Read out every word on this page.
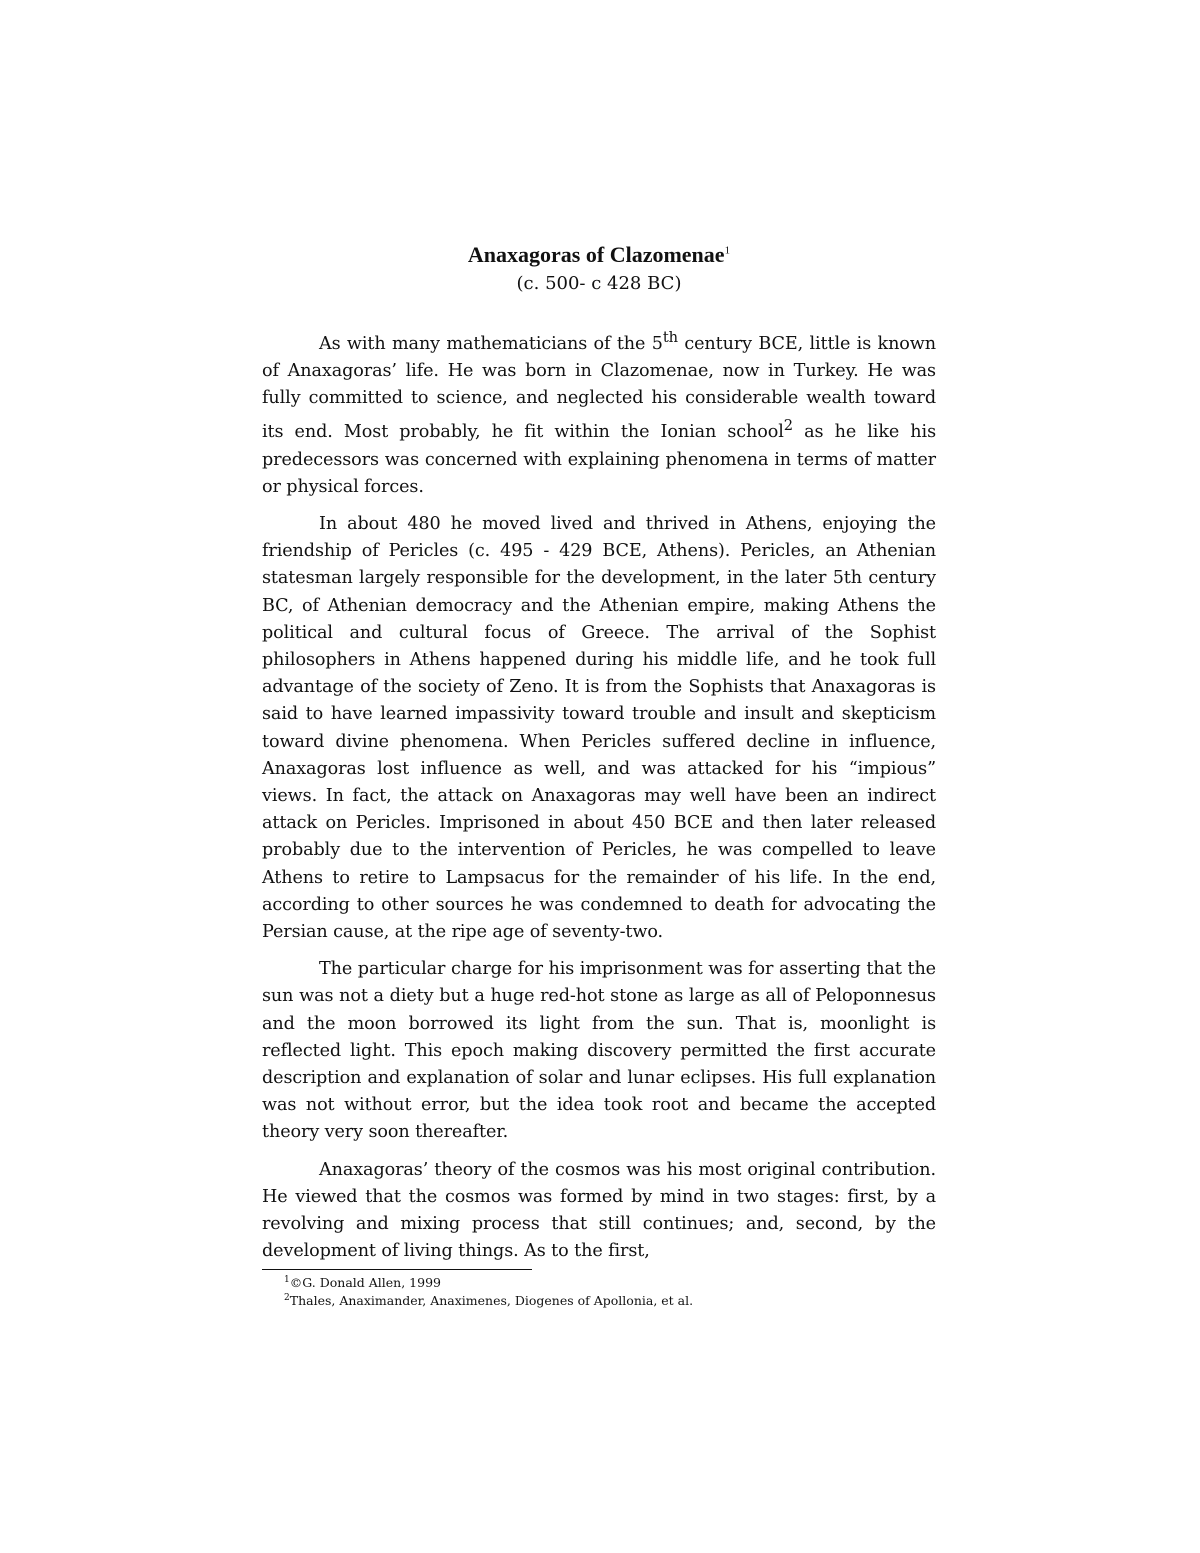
Anaxagoras of Clazomenae$^1$

(c. 500- c 428 BC)

As with many mathematicians of the 5th century BCE, little is known of Anaxagoras’ life. He was born in Clazomenae, now in Turkey. He was fully committed to science, and neglected his considerable wealth toward its end. Most probably, he fit within the Ionian school$^2$ as he like his predecessors was concerned with explaining phenomena in terms of matter or physical forces.

In about 480 he moved lived and thrived in Athens, enjoying the friendship of Pericles (c. 495 - 429 BCE, Athens). Pericles, an Athenian statesman largely responsible for the development, in the later 5th century BC, of Athenian democracy and the Athenian empire, making Athens the political and cultural focus of Greece. The arrival of the Sophist philosophers in Athens happened during his middle life, and he took full advantage of the society of Zeno. It is from the Sophists that Anaxagoras is said to have learned impassivity toward trouble and insult and skepticism toward divine phenomena. When Pericles suffered decline in influence, Anaxagoras lost influence as well, and was attacked for his “impious” views. In fact, the attack on Anaxagoras may well have been an indirect attack on Pericles. Imprisoned in about 450 BCE and then later released probably due to the intervention of Pericles, he was compelled to leave Athens to retire to Lampsacus for the remainder of his life. In the end, according to other sources he was condemned to death for advocating the Persian cause, at the ripe age of seventy-two.

The particular charge for his imprisonment was for asserting that the sun was not a diety but a huge red-hot stone as large as all of Peloponnesus and the moon borrowed its light from the sun. That is, moonlight is reflected light. This epoch making discovery permitted the first accurate description and explanation of solar and lunar eclipses. His full explanation was not without error, but the idea took root and became the accepted theory very soon thereafter.

Anaxagoras’ theory of the cosmos was his most original contribution. He viewed that the cosmos was formed by mind in two stages: first, by a revolving and mixing process that still continues; and, second, by the development of living things. As to the first,

$^1$©G. Donald Allen, 1999

$^2$Thales, Anaximander, Anaximenes, Diogenes of Apollonia, et al.
